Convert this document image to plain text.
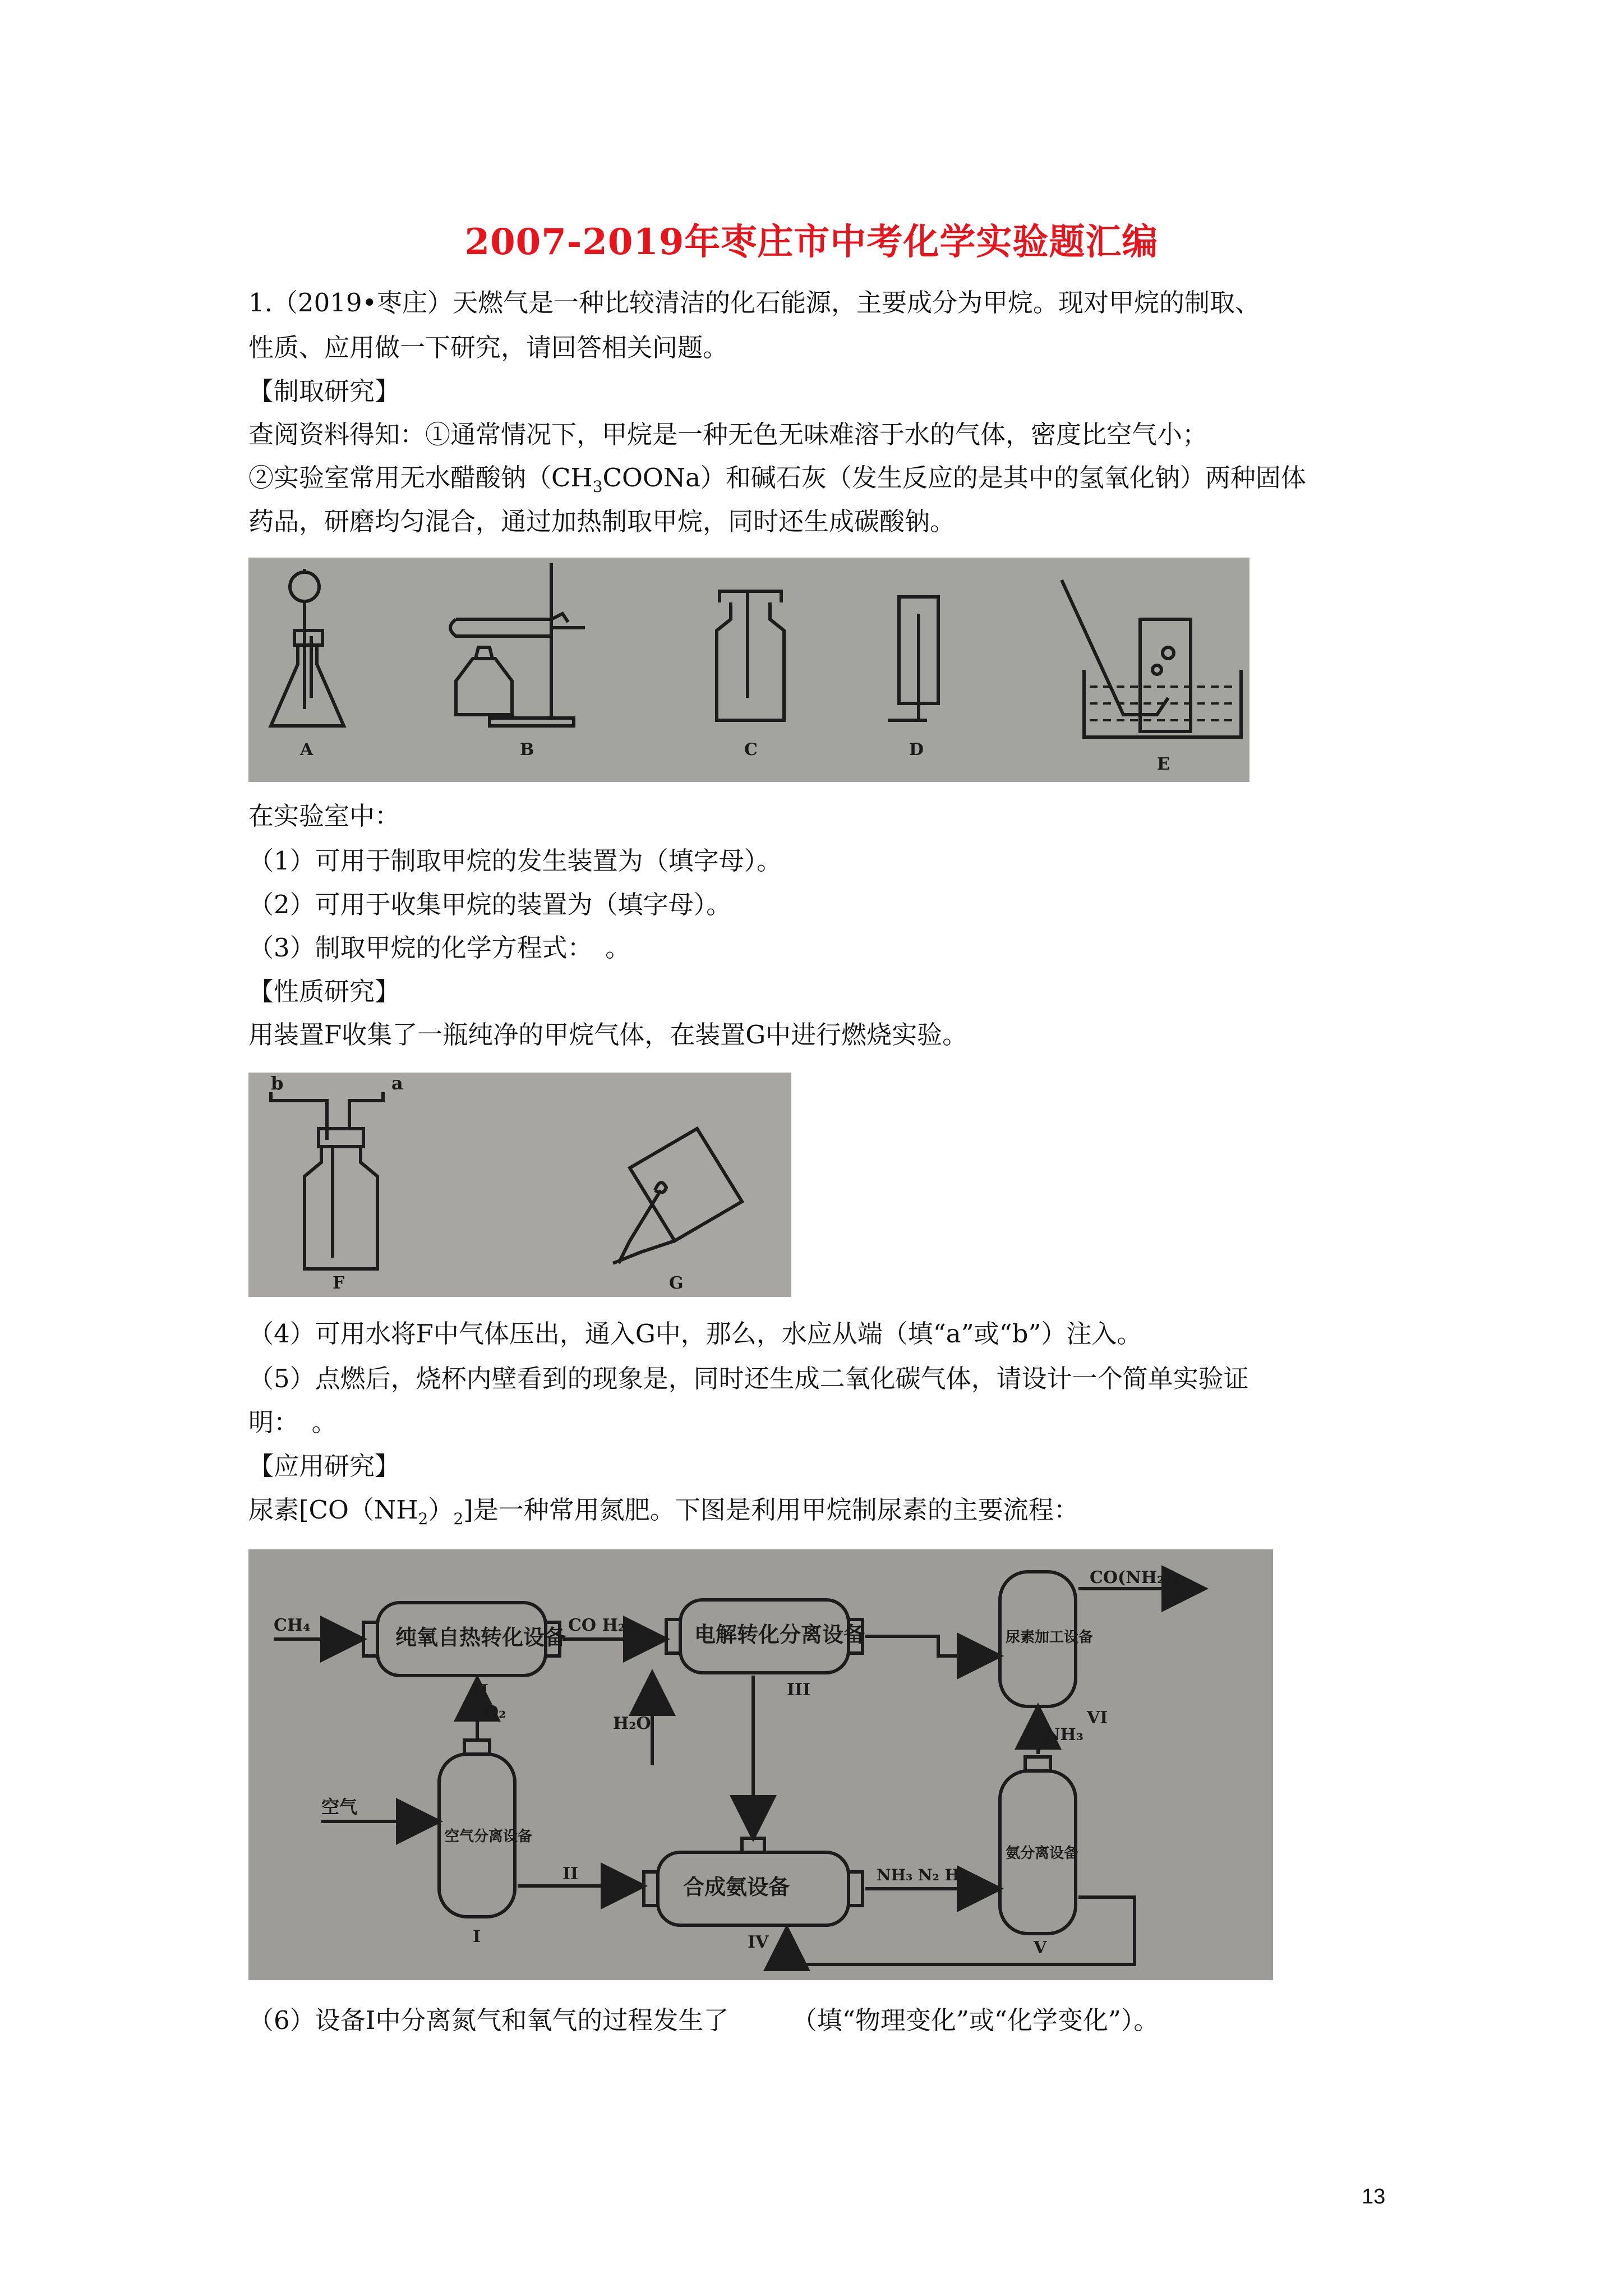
2007-2019年枣庄市中考化学实验题汇编
1.（2019•枣庄）天燃气是一种比较清洁的化石能源，主要成分为甲烷。现对甲烷的制取、
性质、应用做一下研究，请回答相关问题。
【制取研究】
查阅资料得知：①通常情况下，甲烷是一种无色无味难溶于水的气体，密度比空气小；
②实验室常用无水醋酸钠$(CH_3COONa)$和碱石灰（发生反应的是其中的氢氧化钠）两种固体
药品，研磨均匀混合，通过加热制取甲烷，同时还生成碳酸钠。
A	B	C	D
E
在实验室中：
（1）可用于制取甲烷的发生装置为（填字母）。
（2）可用于收集甲烷的装置为（填字母）。
（3）制取甲烷的化学方程式：　。
【性质研究】
用装置F收集了一瓶纯净的甲烷气体，在装置G中进行燃烧实验。
b	a
F	G
（4）可用水将F中气体压出，通入G中，那么，水应从端（填“a”或“b”）注入。
（5）点燃后，烧杯内壁看到的现象是，同时还生成二氧化碳气体，请设计一个简单实验证
明：　。
【应用研究】
尿素$[CO(NH_2)_2]$是一种常用氮肥。下图是利用甲烷制尿素的主要流程：
CH₄	CO H₂
CO(NH₂)₂
O₂
H₂O
NH₃
空气
II	NH₃ N₂ H₂
纯氧自热转化设备	电解转化分离设备
合成氨设备
空气分离设备
氨分离设备
尿素加工设备
II	III
I	IV	V
VI
（6）设备Ⅰ中分离氮气和氧气的过程发生了　　　（填“物理变化”或“化学变化”）。
13
